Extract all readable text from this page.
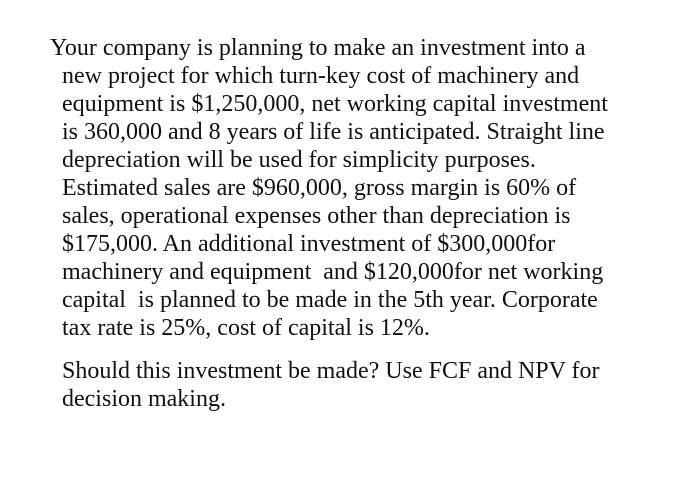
Your company is planning to make an investment into a

new project for which turn-key cost of machinery and

equipment is $1,250,000, net working capital investment

is 360,000 and 8 years of life is anticipated. Straight line

depreciation will be used for simplicity purposes.

Estimated sales are $960,000, gross margin is 60% of

sales, operational expenses other than depreciation is

$175,000. An additional investment of $300,000for

machinery and equipment  and $120,000for net working

capital  is planned to be made in the 5th year. Corporate

tax rate is 25%, cost of capital is 12%.

Should this investment be made? Use FCF and NPV for

decision making.
